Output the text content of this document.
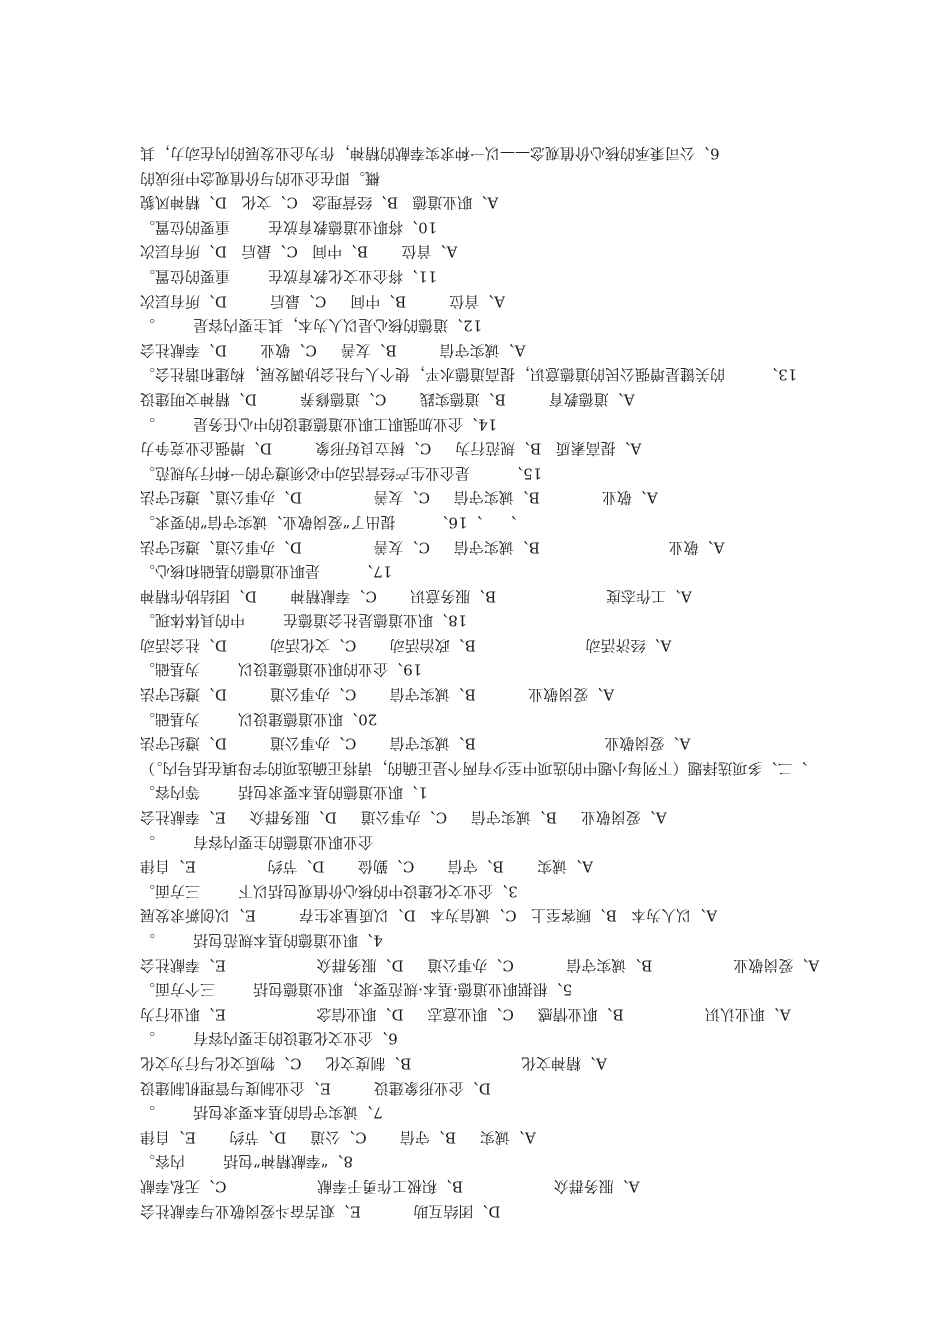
6、公司秉承的核心价值观念——以一种求实奉献的精神，作为企业发展的内在动力，其
概。即在企业的与价值观念中形成的
A、职业道德   B、经营理念   C、文化   D、精神风貌
10、将职业道德教育放在        重要的位置。
A、首位       B、中间   C、最后   D、所有层次
11、将企业文化教育放在        重要的位置。
A、首位         B、中间     C、最后         D、所有层次
12、道德的核心是以人为本，其主要内容是        。
A、诚实守信         B、友善     C、敬业       D、奉献社会
13、        的关键是增强公民的道德意识，提高道德水平，使个人与社会协调发展，构建和谐社会。
A、道德教育         B、道德实践       C、道德修养         D、精神文明建设
14、企业加强职工职业道德建设的中心任务是        。
A、提高素质   B、规范行为     C、树立良好形象         D、增强企业竞争力
15、        是企业生产经营活动中必须遵守的一种行为规范。
A、敬业             B、诚实守信     C、友善               D、办事公道、遵纪守法
、    、16、        提出了“爱岗敬业、诚实守信”的要求。
A、敬业                           B、诚实守信     C、友善               D、办事公道、遵纪守法
17、        是职业道德的基础和核心。
A、工作态度                       B、服务意识       C、奉献精神       D、团结协作精神
18、职业道德是社会道德在        中的具体体现。
A、经济活动                       B、政治活动       C、文化活动         D、社会活动
19、企业的职业道德建设以        为基础。
A、爱岗敬业           B、诚实守信       C、办事公道         D、遵纪守法
20、职业道德建设以        为基础。
A、爱岗敬业                           B、诚实守信       C、办事公道         D、遵纪守法
、二、多项选择题（下列每小题中的选项中至少有两个是正确的，请将正确选项的字母填在括号内。）
1、职业道德的基本要求包括        等内容。
A、爱岗敬业     B、诚实守信     C、办事公道     D、服务群众     E、奉献社会
企业职业道德的主要内容有        。
A、诚实       B、守信       C、勤俭       D、节约               E、自律
3、企业文化建设中的核心价值观包括以下        三方面。
A、以人为本   B、顾客至上   C、诚信为本   D、以质量求生存         E、以创新求发展
4、职业道德的基本规范包括        。
A、爱岗敬业                 B、诚实守信           C、办事公道     D、服务群众                   E、奉献社会
5、根据职业道德·基本·规范要求，职业道德包括        三个方面。
A、职业认识                 B、职业情感     C、职业意志     D、职业信念                   E、职业行为
6、企业文化建设的主要内容有        。
A、精神文化                       B、制度文化     C、物质文化与行为文化
D、企业形象建设         E、企业制度与管理机制建设
7、诚实守信的基本要求包括        。
A、诚实     B、守信       C、公道     D、节约       E、自律
8、“奉献精神”包括        内容。
A、服务群众                   B、积极工作勇于奉献                   C、无私奉献
D、团结互助           E、艰苦奋斗爱岗敬业与奉献社会
